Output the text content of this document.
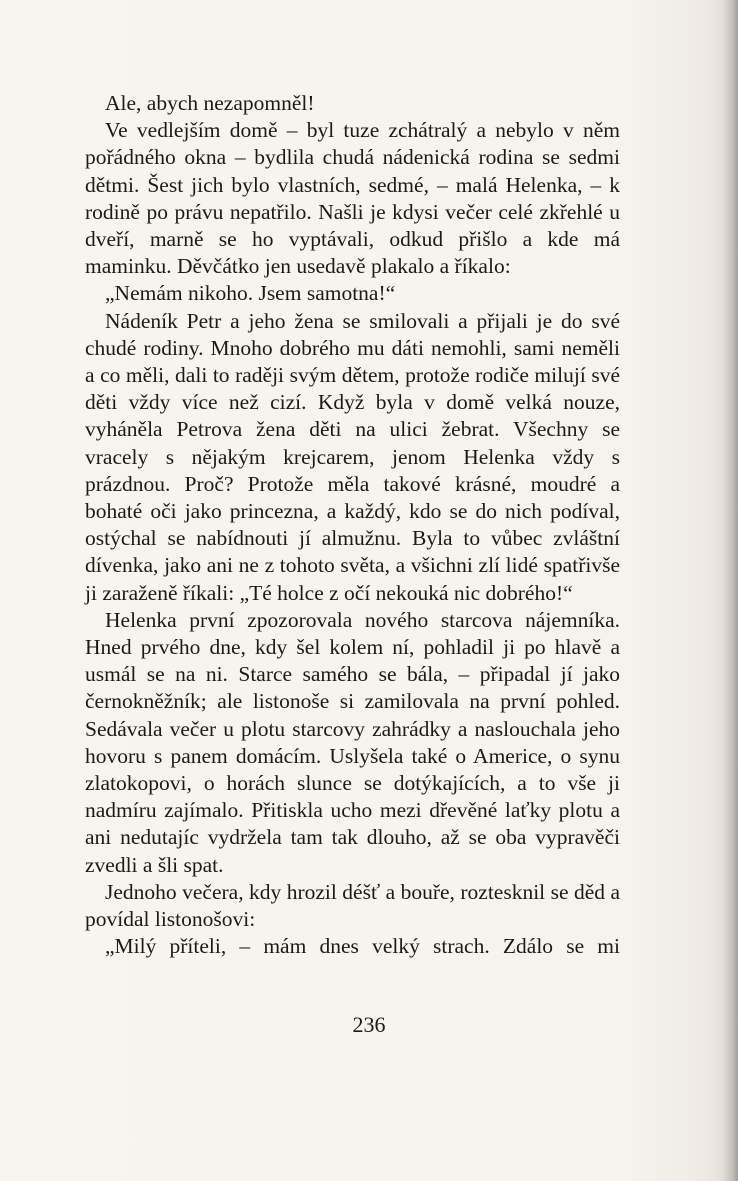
Ale, abych nezapomněl!

Ve vedlejším domě – byl tuze zchátralý a nebylo v něm pořádného okna – bydlila chudá nádenická rodina se sedmi dětmi. Šest jich bylo vlastních, sedmé, – malá Helenka, – k rodině po právu nepatřilo. Našli je kdysi večer celé zkřehlé u dveří, marně se ho vyptávali, odkud přišlo a kde má maminku. Děvčátko jen usedavě plakalo a říkalo:

„Nemám nikoho. Jsem samotna!“

Nádeník Petr a jeho žena se smilovali a přijali je do své chudé rodiny. Mnoho dobrého mu dáti nemohli, sami neměli a co měli, dali to raději svým dětem, protože rodiče milují své děti vždy více než cizí. Když byla v domě velká nouze, vyháněla Petrova žena děti na ulici žebrat. Všechny se vracely s nějakým krejcarem, jenom Helenka vždy s prázdnou. Proč? Protože měla takové krásné, moudré a bohaté oči jako princezna, a každý, kdo se do nich podíval, ostýchal se nabídnouti jí almužnu. Byla to vůbec zvláštní dívenka, jako ani ne z tohoto světa, a všichni zlí lidé spatřivše ji zaraženě říkali: „Té holce z očí nekouká nic dobrého!“

Helenka první zpozorovala nového starcova nájemníka. Hned prvého dne, kdy šel kolem ní, pohladil ji po hlavě a usmál se na ni. Starce samého se bála, – připadal jí jako černokněžník; ale listonoše si zamilovala na první pohled. Sedávala večer u plotu starcovy zahrádky a naslouchala jeho hovoru s panem domácím. Uslyšela také o Americe, o synu zlatokopovi, o horách slunce se dotýkajících, a to vše ji nadmíru zajímalo. Přitiskla ucho mezi dřevěné laťky plotu a ani nedutajíc vydržela tam tak dlouho, až se oba vypravěči zvedli a šli spat.

Jednoho večera, kdy hrozil déšť a bouře, roztesknil se děd a povídal listonošovi:

„Milý příteli, – mám dnes velký strach. Zdálo se mi

236
